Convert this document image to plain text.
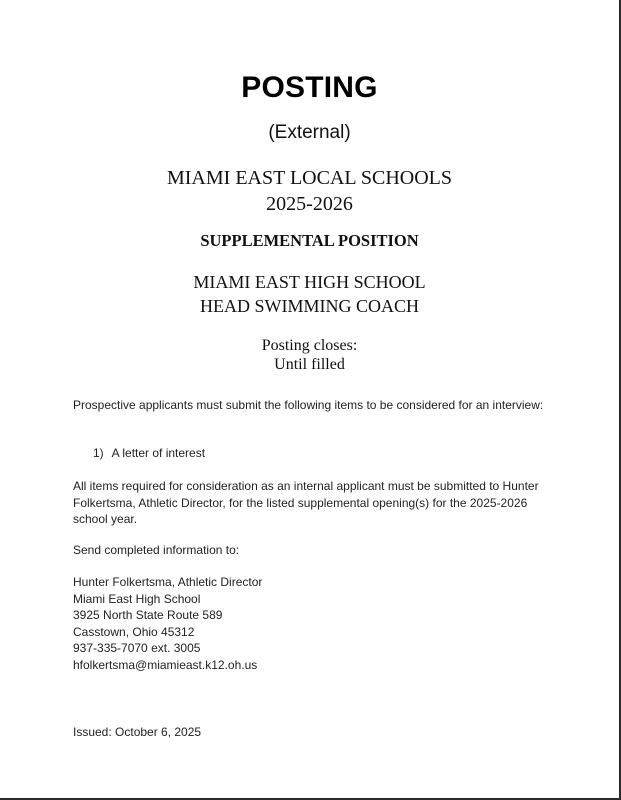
POSTING
(External)
MIAMI EAST LOCAL SCHOOLS
2025-2026
SUPPLEMENTAL POSITION
MIAMI EAST HIGH SCHOOL
HEAD SWIMMING COACH
Posting closes:
Until filled
Prospective applicants must submit the following items to be considered for an interview:
1) A letter of interest
All items required for consideration as an internal applicant must be submitted to Hunter Folkertsma, Athletic Director, for the listed supplemental opening(s) for the 2025-2026 school year.
Send completed information to:
Hunter Folkertsma, Athletic Director
Miami East High School
3925 North State Route 589
Casstown, Ohio 45312
937-335-7070 ext. 3005
hfolkertsma@miamieast.k12.oh.us
Issued: October 6, 2025
